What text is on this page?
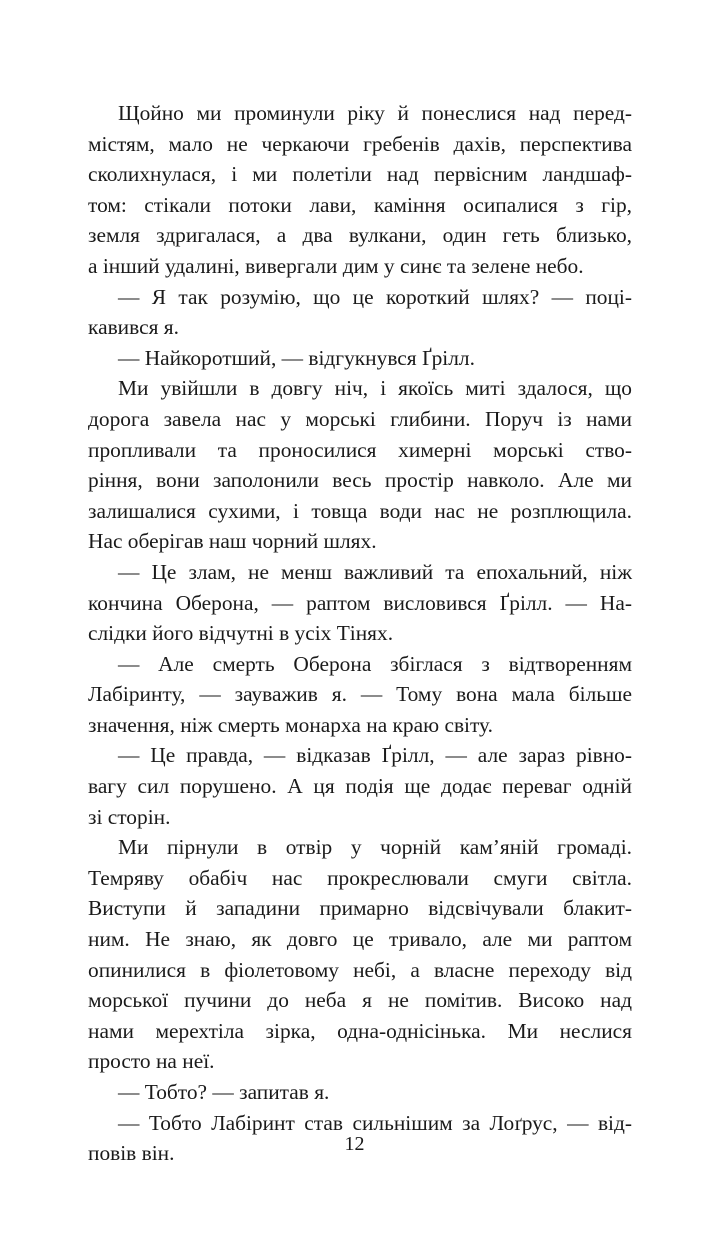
Щойно ми проминули ріку й понеслися над перед-
містям, мало не черкаючи гребенів дахів, перспектива
сколихнулася, і ми полетіли над первісним ландшаф-
том: стікали потоки лави, каміння осипалися з гір,
земля здригалася, а два вулкани, один геть близько,
а інший удалині, вивергали дим у синє та зелене небо.
— Я так розумію, що це короткий шлях? — поці-
кавився я.
— Найкоротший, — відгукнувся Ґрілл.
Ми увійшли в довгу ніч, і якоїсь миті здалося, що
дорога завела нас у морські глибини. Поруч із нами
пропливали та проносилися химерні морські ство-
ріння, вони заполонили весь простір навколо. Але ми
залишалися сухими, і товща води нас не розплющила.
Нас оберігав наш чорний шлях.
— Це злам, не менш важливий та епохальний, ніж
кончина Оберона, — раптом висловився Ґрілл. — На-
слідки його відчутні в усіх Тінях.
— Але смерть Оберона збіглася з відтворенням
Лабіринту, — зауважив я. — Тому вона мала більше
значення, ніж смерть монарха на краю світу.
— Це правда, — відказав Ґрілл, — але зараз рівно-
вагу сил порушено. А ця подія ще додає переваг одній
зі сторін.
Ми пірнули в отвір у чорній кам’яній громаді.
Темряву обабіч нас прокреслювали смуги світла.
Виступи й западини примарно відсвічували блакит-
ним. Не знаю, як довго це тривало, але ми раптом
опинилися в фіолетовому небі, а власне переходу від
морської пучини до неба я не помітив. Високо над
нами мерехтіла зірка, одна-однісінька. Ми неслися
просто на неї.
— Тобто? — запитав я.
— Тобто Лабіринт став сильнішим за Лоґрус, — від-
повів він.	12
